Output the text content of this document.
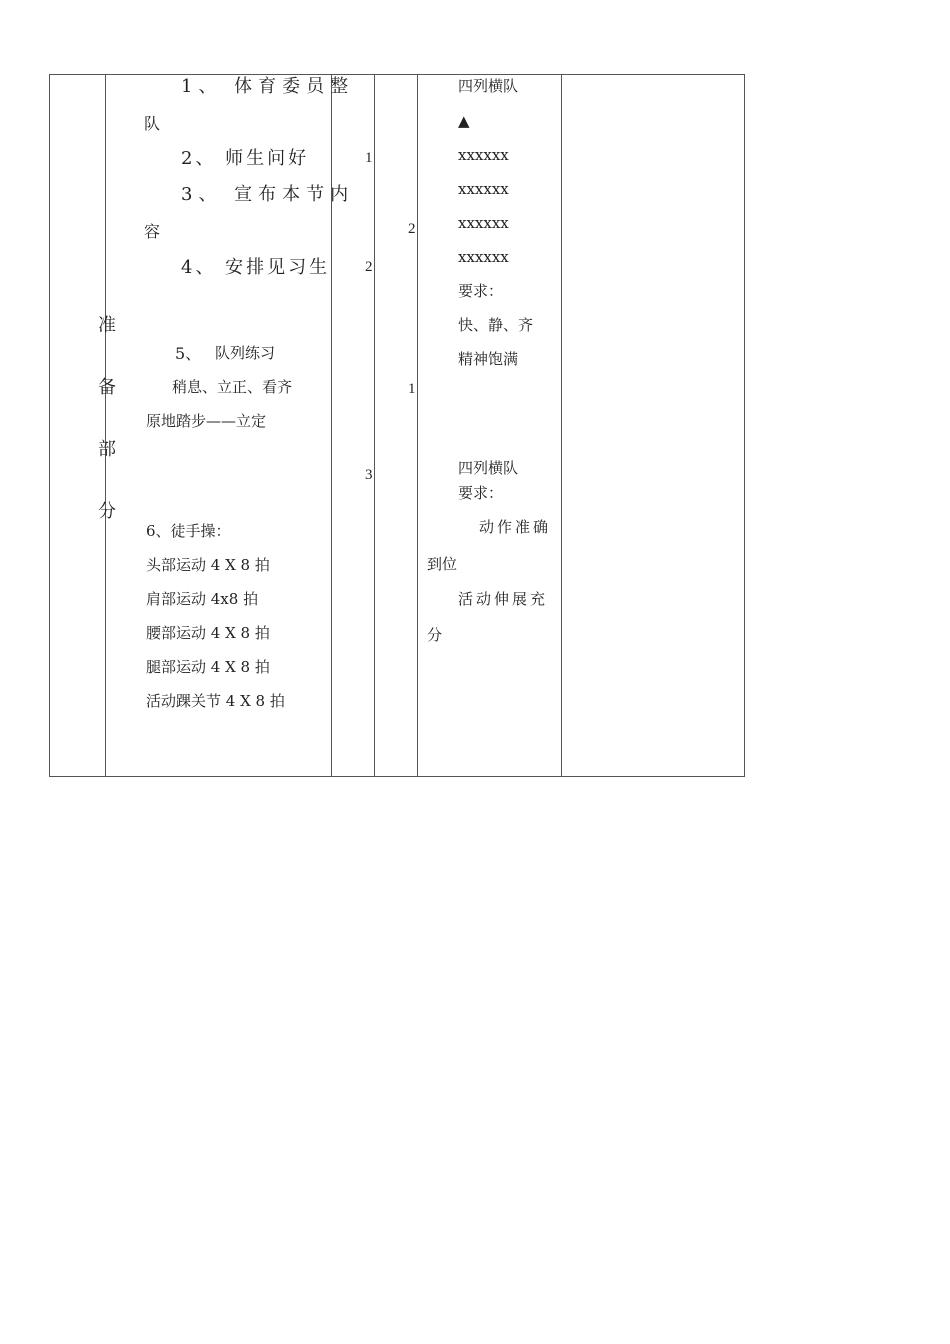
准
备
部
分
1、 体育委员整
队
2、 师生问好
3、 宣布本节内
容
4、 安排见习生
5、 队列练习
稍息、立正、看齐
原地踏步——立定
6、徒手操：
头部运动 4 X 8 拍
肩部运动 4x8 拍
腰部运动 4 X 8 拍
腿部运动 4 X 8 拍
活动踝关节 4 X 8 拍
1
2
3
2
1
四列横队
▲
xxxxxx
xxxxxx
xxxxxx
xxxxxx
要求：
快、静、齐
精神饱满
四列横队
要求：
动作准确
到位
活动伸展充
分
